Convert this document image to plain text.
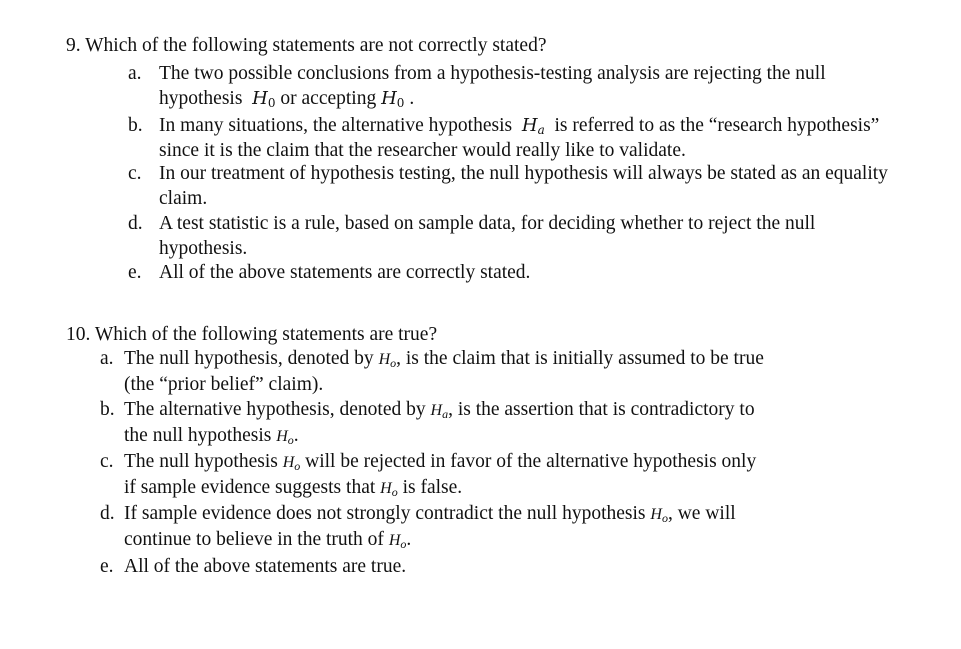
9. Which of the following statements are not correctly stated?
a. The two possible conclusions from a hypothesis-testing analysis are rejecting the null
hypothesis $H_0$ or accepting $H_0$ .
b. In many situations, the alternative hypothesis $H_a$ is referred to as the “research hypothesis”
since it is the claim that the researcher would really like to validate.
c. In our treatment of hypothesis testing, the null hypothesis will always be stated as an equality
claim.
d. A test statistic is a rule, based on sample data, for deciding whether to reject the null
hypothesis.
e. All of the above statements are correctly stated.
10. Which of the following statements are true?
a. The null hypothesis, denoted by $H_o$, is the claim that is initially assumed to be true
(the “prior belief” claim).
b. The alternative hypothesis, denoted by $H_a$, is the assertion that is contradictory to
the null hypothesis $H_o$.
c. The null hypothesis $H_o$ will be rejected in favor of the alternative hypothesis only
if sample evidence suggests that $H_o$ is false.
d. If sample evidence does not strongly contradict the null hypothesis $H_o$, we will
continue to believe in the truth of $H_o$.
e. All of the above statements are true.
